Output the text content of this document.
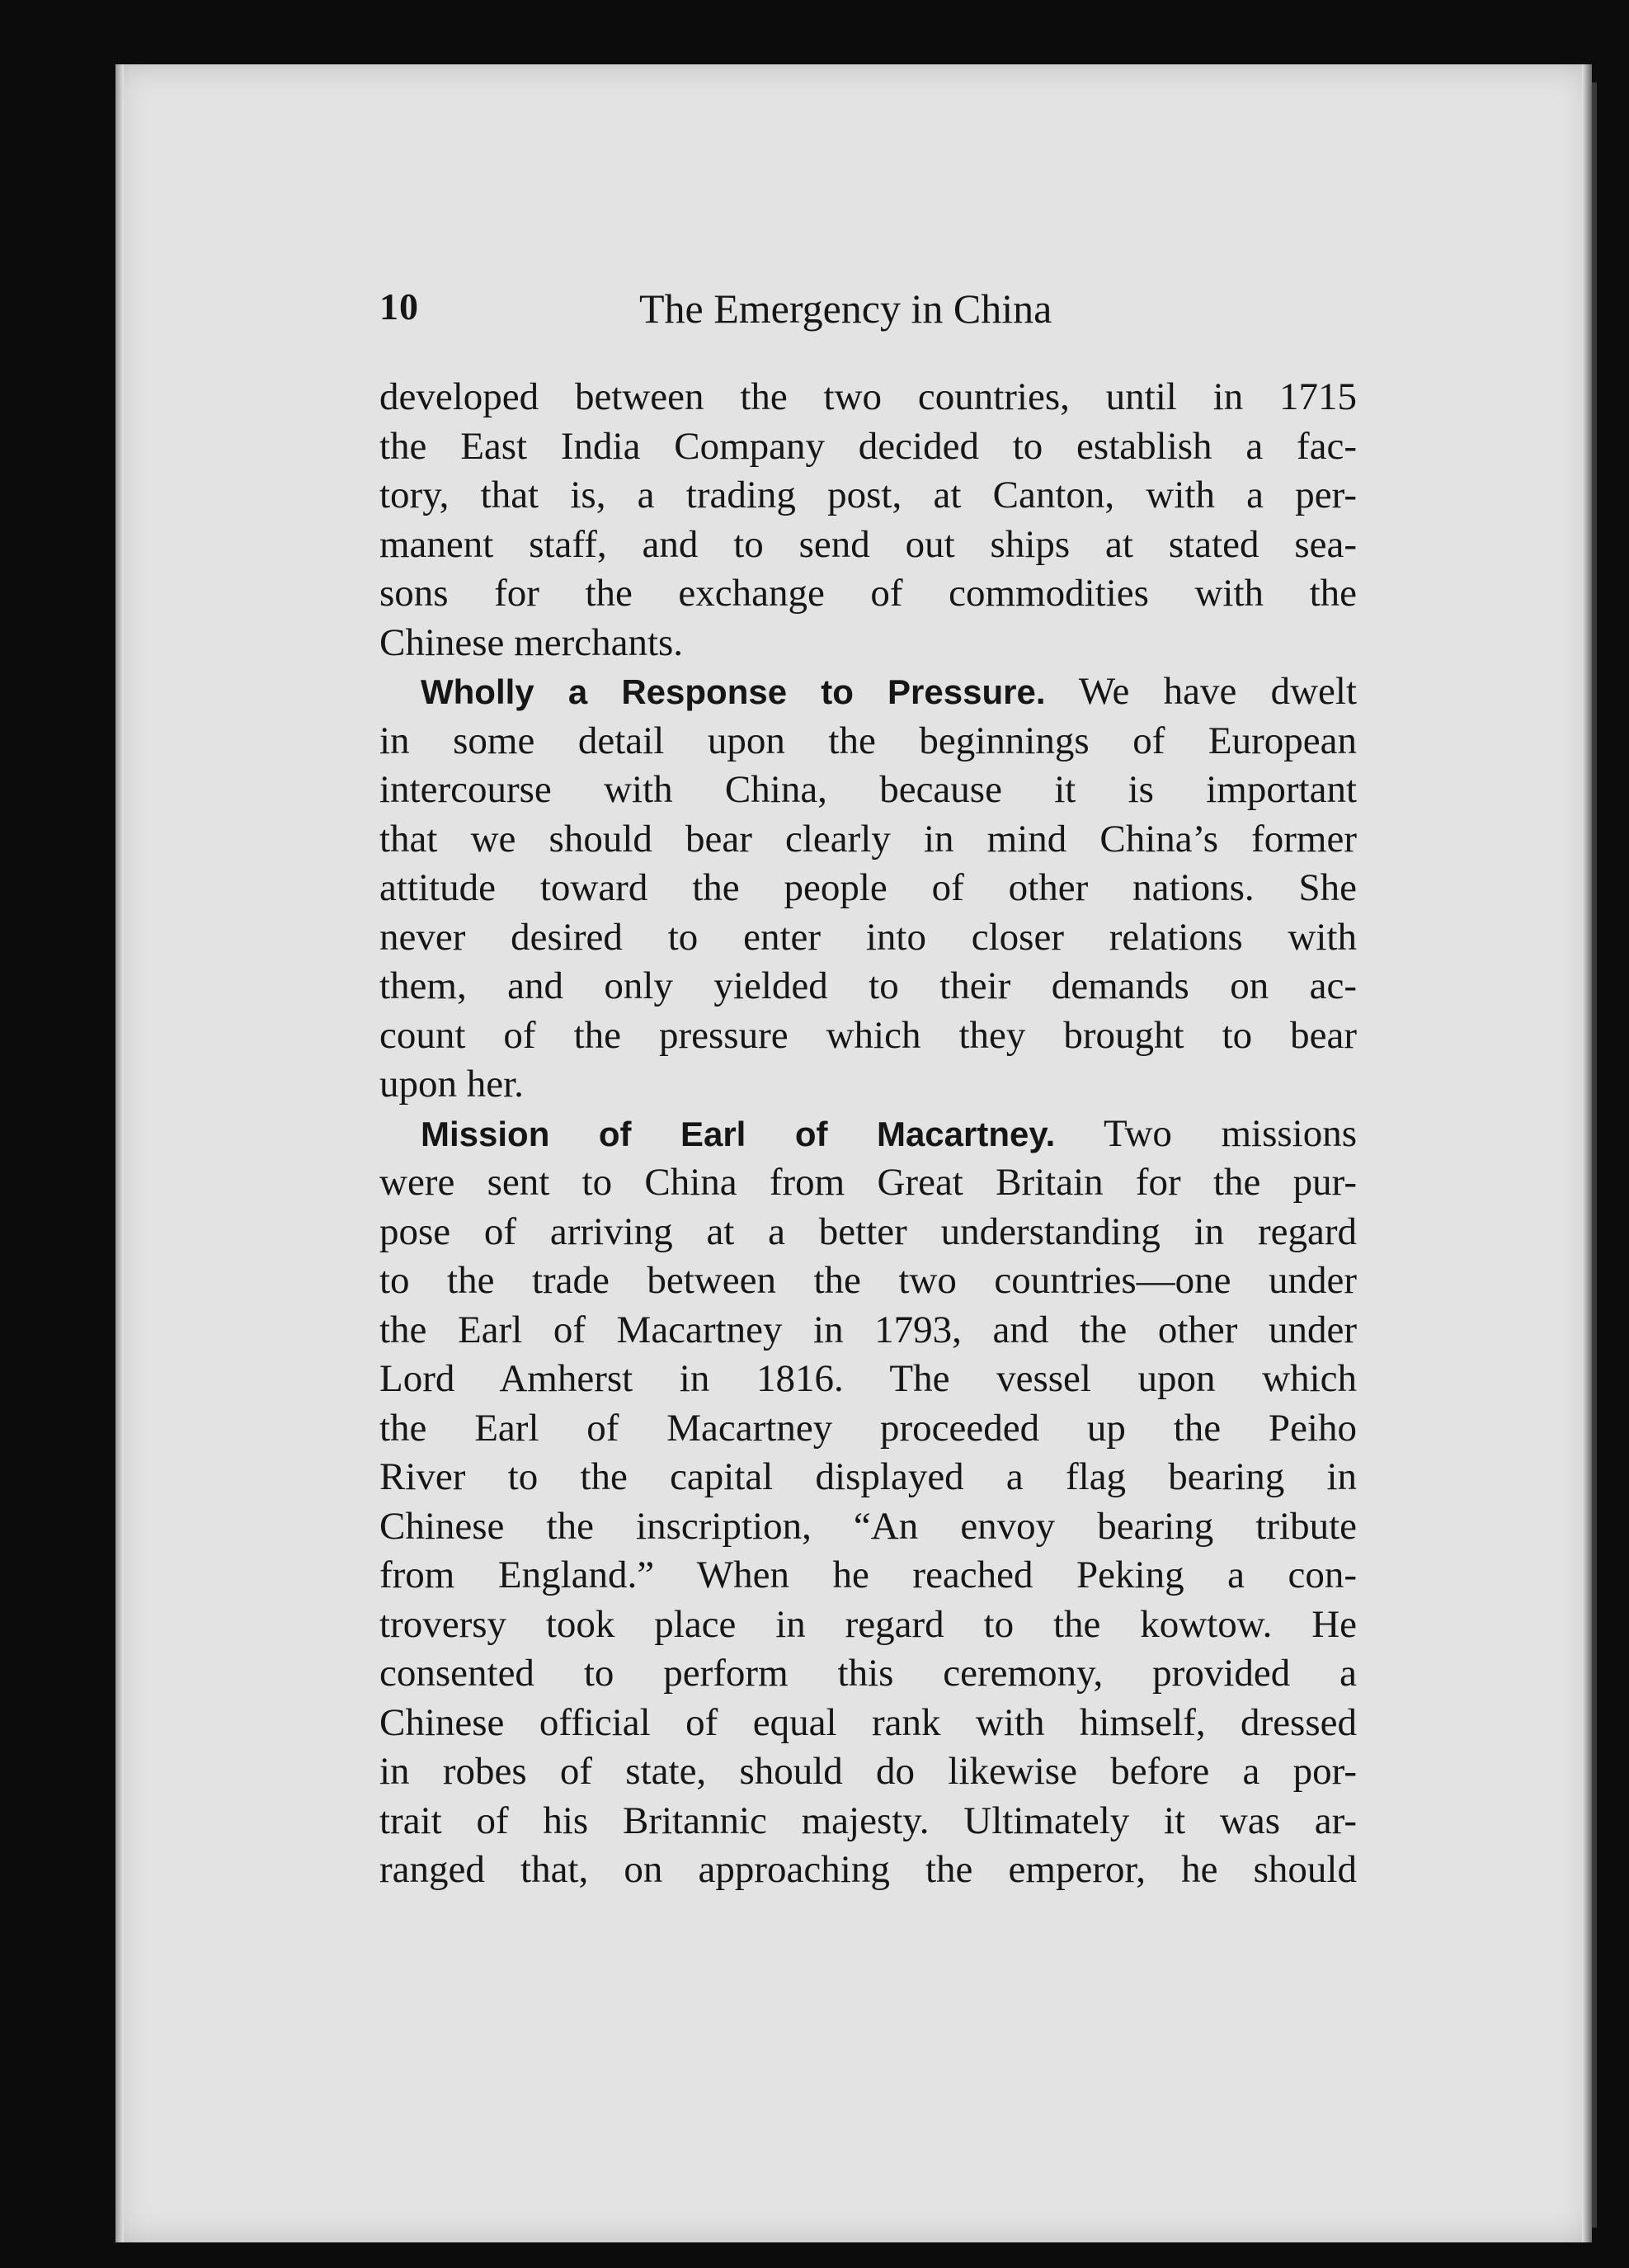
10	The Emergency in China
developed between the two countries, until in 1715
the East India Company decided to establish a fac-
tory, that is, a trading post, at Canton, with a per-
manent staff, and to send out ships at stated sea-
sons for the exchange of commodities with the
Chinese merchants.
Wholly a Response to Pressure. We have dwelt
in some detail upon the beginnings of European
intercourse with China, because it is important
that we should bear clearly in mind China’s former
attitude toward the people of other nations. She
never desired to enter into closer relations with
them, and only yielded to their demands on ac-
count of the pressure which they brought to bear
upon her.
Mission of Earl of Macartney. Two missions
were sent to China from Great Britain for the pur-
pose of arriving at a better understanding in regard
to the trade between the two countries—one under
the Earl of Macartney in 1793, and the other under
Lord Amherst in 1816. The vessel upon which
the Earl of Macartney proceeded up the Peiho
River to the capital displayed a flag bearing in
Chinese the inscription, “An envoy bearing tribute
from England.” When he reached Peking a con-
troversy took place in regard to the kowtow. He
consented to perform this ceremony, provided a
Chinese official of equal rank with himself, dressed
in robes of state, should do likewise before a por-
trait of his Britannic majesty. Ultimately it was ar-
ranged that, on approaching the emperor, he should
